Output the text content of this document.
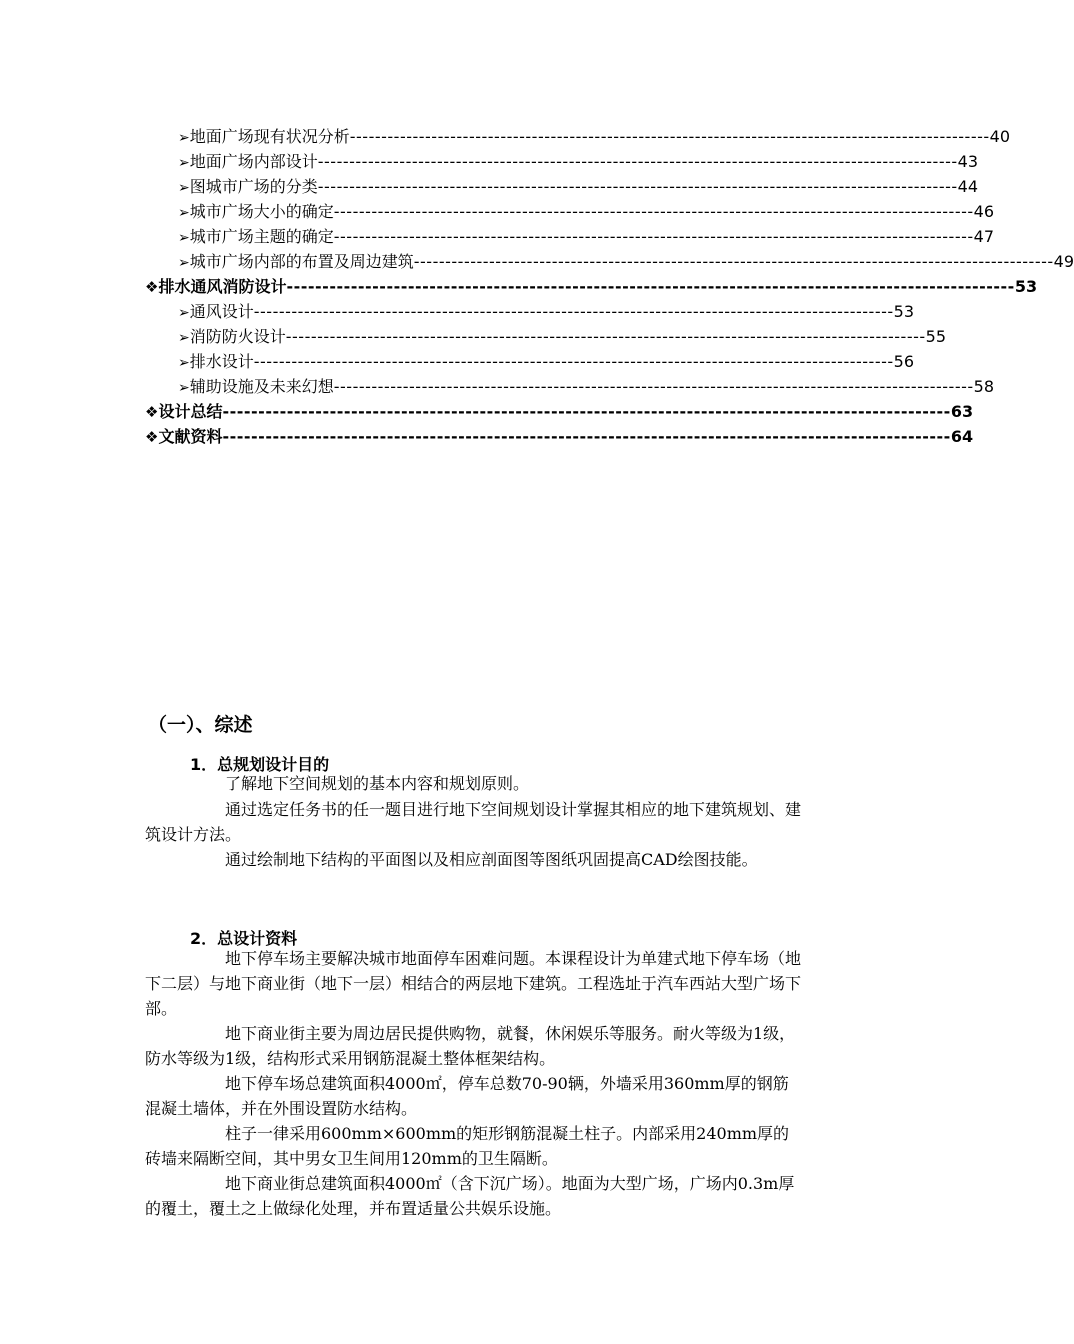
➢ 地面广场现有状况分析 ------------------------------------------------------------------------------------------------------ 40
➢ 地面广场内部设计 ------------------------------------------------------------------------------------------------------ 43
➢ 图城市广场的分类 ------------------------------------------------------------------------------------------------------ 44
➢ 城市广场大小的确定 ------------------------------------------------------------------------------------------------------ 46
➢ 城市广场主题的确定 ------------------------------------------------------------------------------------------------------ 47
➢ 城市广场内部的布置及周边建筑 ------------------------------------------------------------------------------------------------------ 49
❖ 排水通风消防设计 ------------------------------------------------------------------------------------------------------ 53
➢ 通风设计 ------------------------------------------------------------------------------------------------------ 53
➢ 消防防火设计 ------------------------------------------------------------------------------------------------------ 55
➢ 排水设计 ------------------------------------------------------------------------------------------------------ 56
➢ 辅助设施及未来幻想 ------------------------------------------------------------------------------------------------------ 58
❖ 设计总结 ------------------------------------------------------------------------------------------------------ 63
❖ 文献资料 ------------------------------------------------------------------------------------------------------ 64
（一）、综述
1．总规划设计目的

了解地下空间规划的基本内容和规划原则。

通过选定任务书的任一题目进行地下空间规划设计掌握其相应的地下建筑规划、建筑设计方法。

通过绘制地下结构的平面图以及相应剖面图等图纸巩固提高CAD绘图技能。

2．总设计资料

地下停车场主要解决城市地面停车困难问题。本课程设计为单建式地下停车场（地下二层）与地下商业街（地下一层）相结合的两层地下建筑。工程选址于汽车西站大型广场下部。

地下商业街主要为周边居民提供购物，就餐，休闲娱乐等服务。耐火等级为1级，防水等级为1级，结构形式采用钢筋混凝土整体框架结构。

地下停车场总建筑面积4000㎡，停车总数70-90辆，外墙采用360mm厚的钢筋混凝土墙体，并在外围设置防水结构。

柱子一律采用600mm×600mm的矩形钢筋混凝土柱子。内部采用240mm厚的砖墙来隔断空间，其中男女卫生间用120mm的卫生隔断。

地下商业街总建筑面积4000㎡（含下沉广场）。地面为大型广场，广场内0.3m厚的覆土，覆土之上做绿化处理，并布置适量公共娱乐设施。
